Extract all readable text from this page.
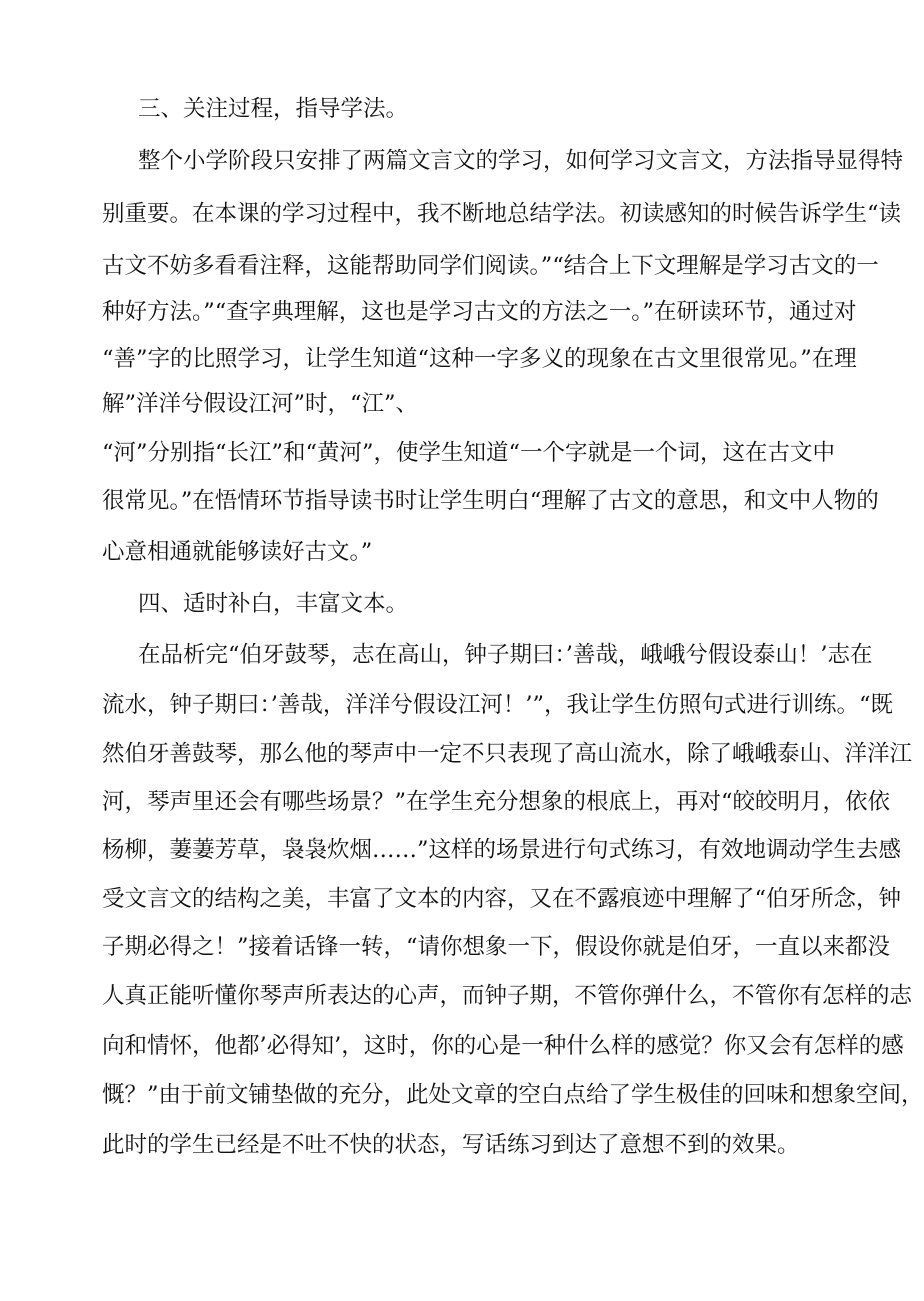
三、关注过程，指导学法。
整个小学阶段只安排了两篇文言文的学习，如何学习文言文，方法指导显得特
别重要。在本课的学习过程中，我不断地总结学法。初读感知的时候告诉学生“读
古文不妨多看看注释，这能帮助同学们阅读。”“结合上下文理解是学习古文的一
种好方法。”“查字典理解，这也是学习古文的方法之一。”在研读环节，通过对
“善”字的比照学习，让学生知道“这种一字多义的现象在古文里很常见。”在理
解”洋洋兮假设江河”时，“江”、
“河”分别指“长江”和“黄河”，使学生知道“一个字就是一个词，这在古文中
很常见。”在悟情环节指导读书时让学生明白“理解了古文的意思，和文中人物的
心意相通就能够读好古文。”
四、适时补白，丰富文本。
在品析完“伯牙鼓琴，志在高山，钟子期曰：’善哉，峨峨兮假设泰山！’志在
流水，钟子期曰：’善哉，洋洋兮假设江河！’”，我让学生仿照句式进行训练。“既
然伯牙善鼓琴，那么他的琴声中一定不只表现了高山流水，除了峨峨泰山、洋洋江
河，琴声里还会有哪些场景？”在学生充分想象的根底上，再对“皎皎明月，依依
杨柳，萋萋芳草，袅袅炊烟……”这样的场景进行句式练习，有效地调动学生去感
受文言文的结构之美，丰富了文本的内容，又在不露痕迹中理解了“伯牙所念，钟
子期必得之！”接着话锋一转，“请你想象一下，假设你就是伯牙，一直以来都没
人真正能听懂你琴声所表达的心声，而钟子期，不管你弹什么，不管你有怎样的志
向和情怀，他都’必得知’，这时，你的心是一种什么样的感觉？你又会有怎样的感
慨？”由于前文铺垫做的充分，此处文章的空白点给了学生极佳的回味和想象空间，
此时的学生已经是不吐不快的状态，写话练习到达了意想不到的效果。
